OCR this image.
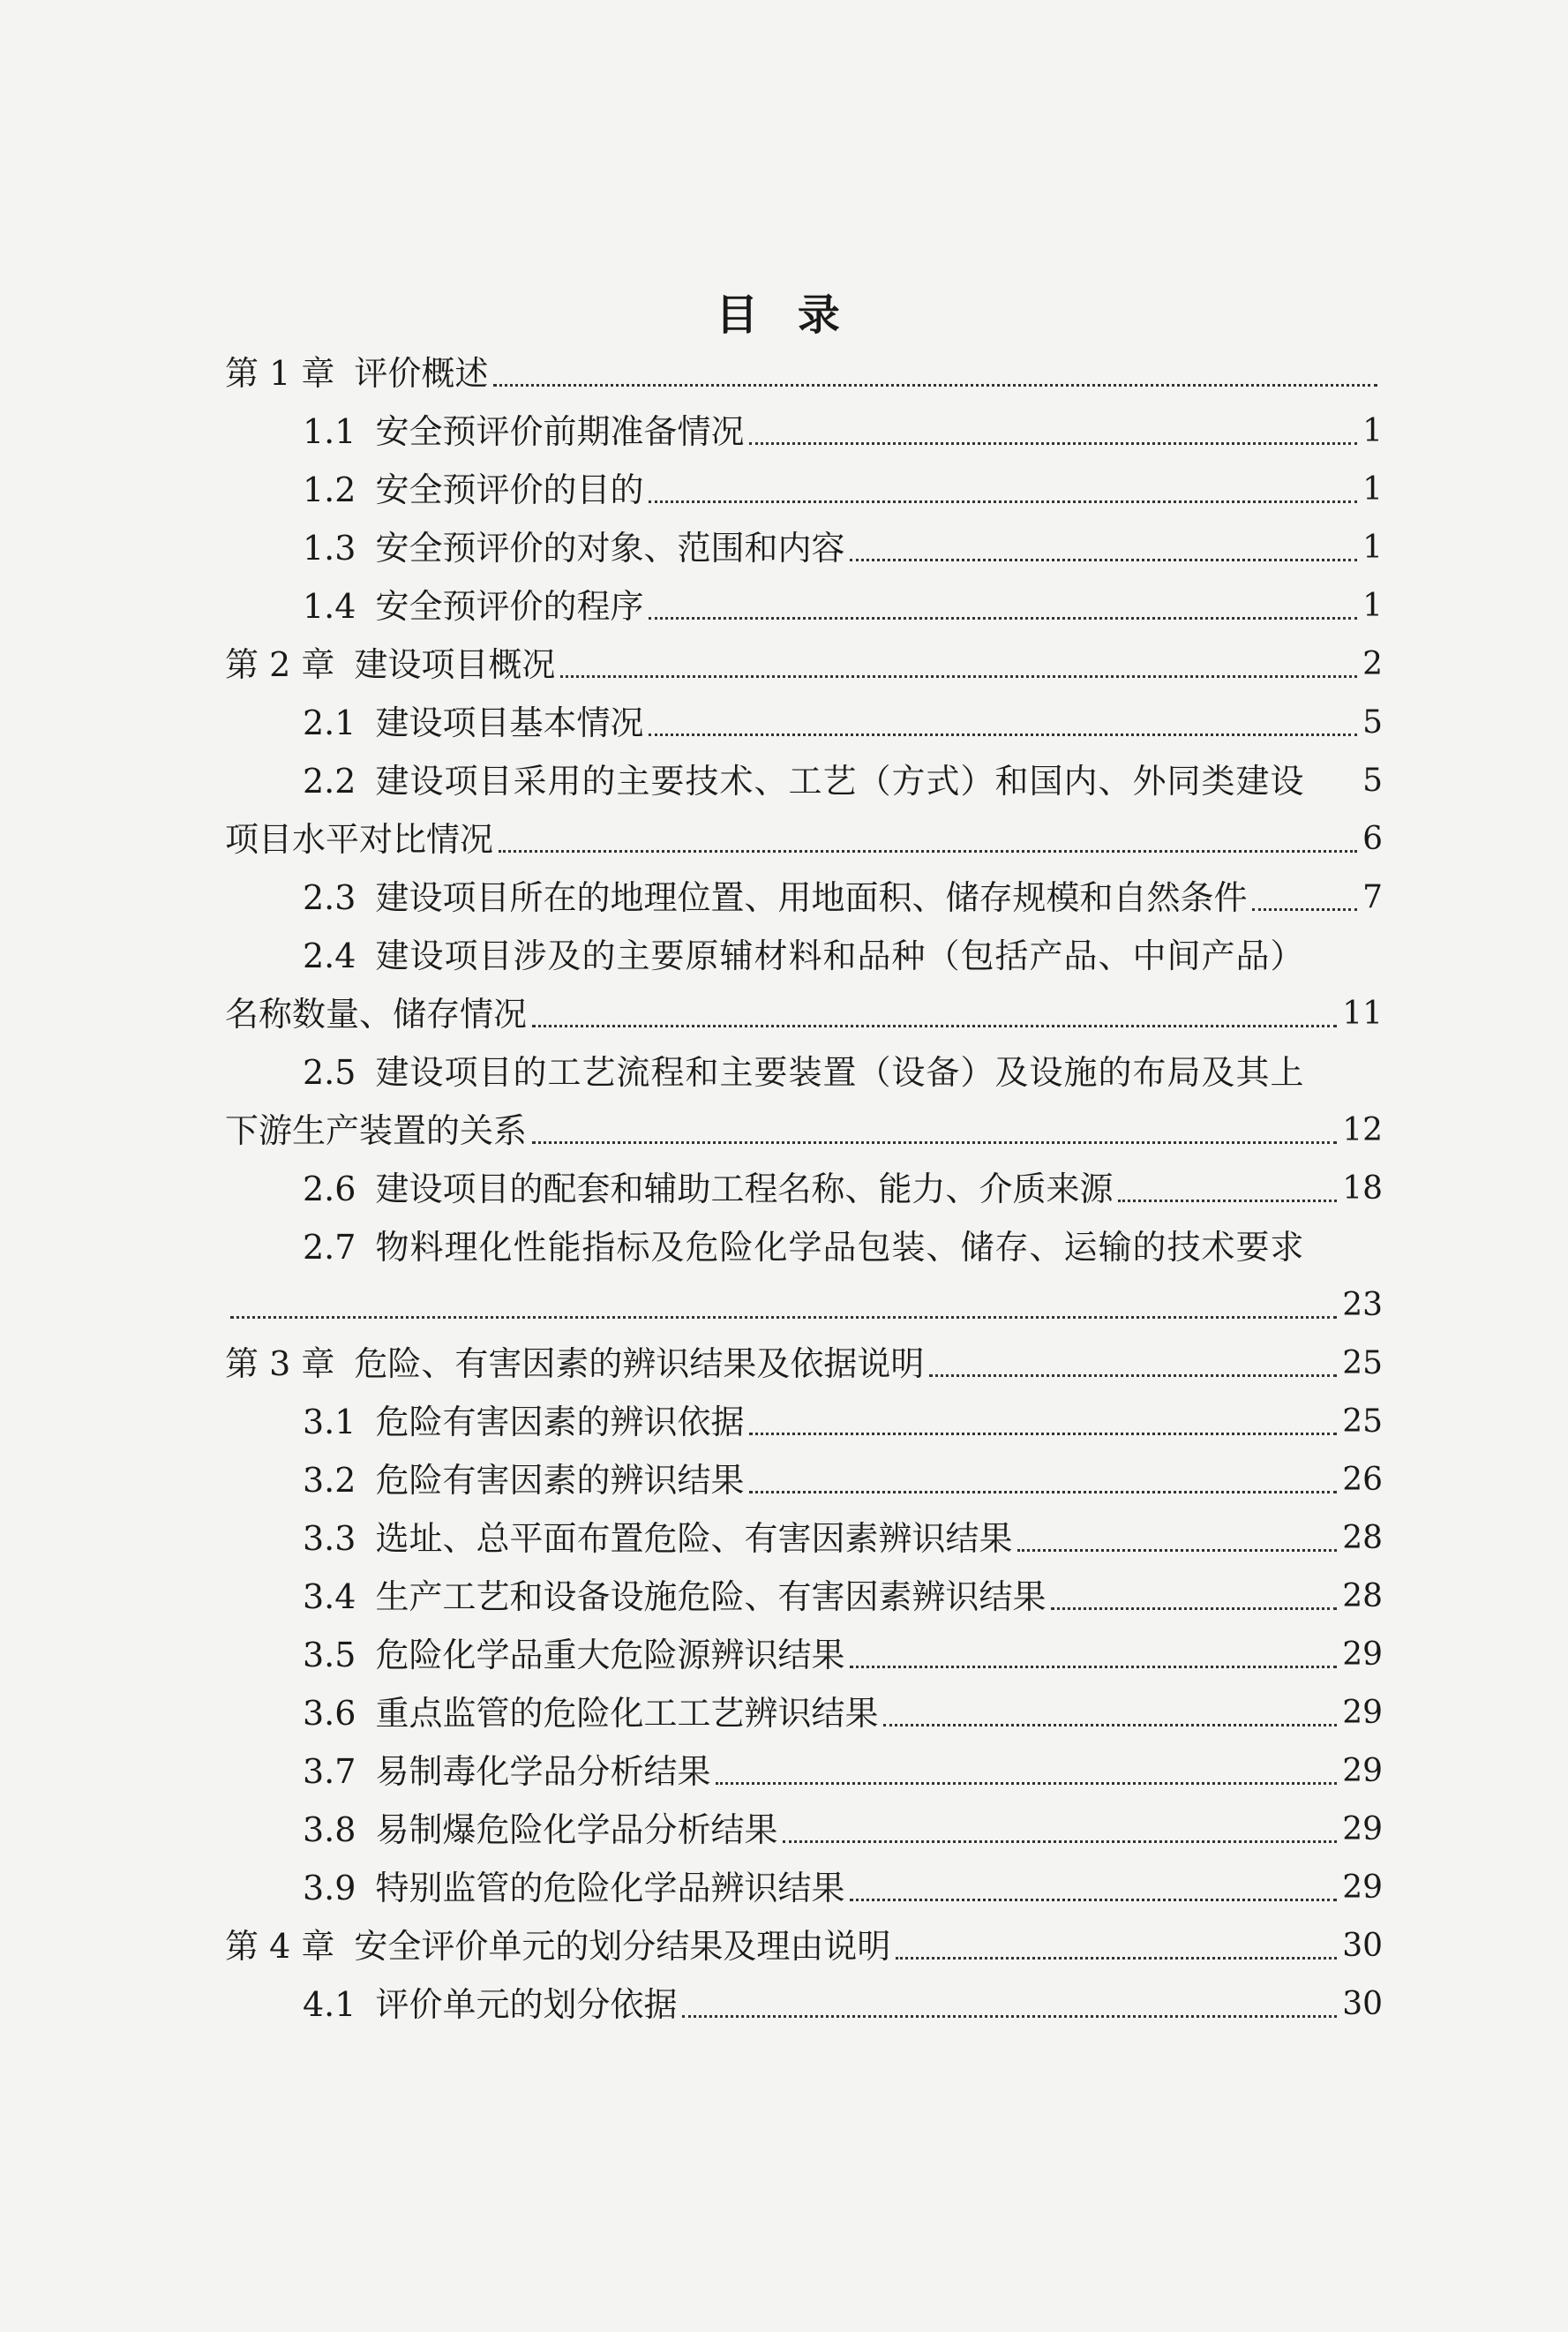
目 录
第 1 章 评价概述
1.1 安全预评价前期准备情况	1
1.2 安全预评价的目的	1
1.3 安全预评价的对象、范围和内容	1
1.4 安全预评价的程序	1
第 2 章 建设项目概况	2
2.1 建设项目基本情况	5
2.2 建设项目采用的主要技术、工艺（方式）和国内、外同类建设	5
项目水平对比情况	6
2.3 建设项目所在的地理位置、用地面积、储存规模和自然条件	7
2.4 建设项目涉及的主要原辅材料和品种（包括产品、中间产品）
名称数量、储存情况	11
2.5 建设项目的工艺流程和主要装置（设备）及设施的布局及其上
下游生产装置的关系	12
2.6 建设项目的配套和辅助工程名称、能力、介质来源	18
2.7 物料理化性能指标及危险化学品包装、储存、运输的技术要求
23
第 3 章 危险、有害因素的辨识结果及依据说明	25
3.1 危险有害因素的辨识依据	25
3.2 危险有害因素的辨识结果	26
3.3 选址、总平面布置危险、有害因素辨识结果	28
3.4 生产工艺和设备设施危险、有害因素辨识结果	28
3.5 危险化学品重大危险源辨识结果	29
3.6 重点监管的危险化工工艺辨识结果	29
3.7 易制毒化学品分析结果	29
3.8 易制爆危险化学品分析结果	29
3.9 特别监管的危险化学品辨识结果	29
第 4 章 安全评价单元的划分结果及理由说明	30
4.1 评价单元的划分依据	30
